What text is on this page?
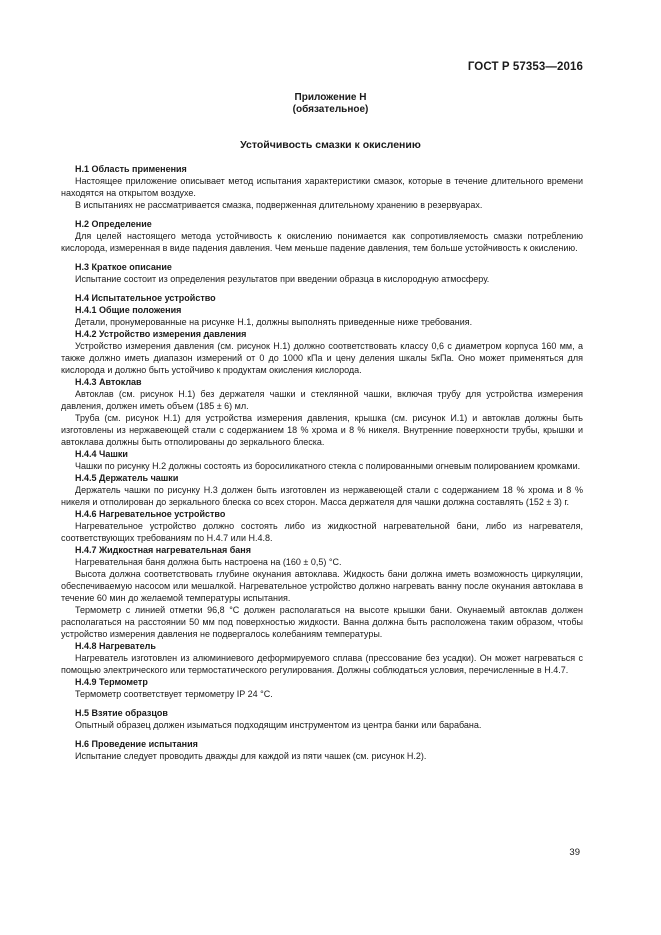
ГОСТ Р 57353—2016
Приложение Н
(обязательное)
Устойчивость смазки к окислению
Н.1 Область применения
Настоящее приложение описывает метод испытания характеристики смазок, которые в течение длительного времени находятся на открытом воздухе.
В испытаниях не рассматривается смазка, подверженная длительному хранению в резервуарах.
Н.2 Определение
Для целей настоящего метода устойчивость к окислению понимается как сопротивляемость смазки потреблению кислорода, измеренная в виде падения давления. Чем меньше падение давления, тем больше устойчивость к окислению.
Н.3 Краткое описание
Испытание состоит из определения результатов при введении образца в кислородную атмосферу.
Н.4 Испытательное устройство
Н.4.1 Общие положения
Детали, пронумерованные на рисунке Н.1, должны выполнять приведенные ниже требования.
Н.4.2 Устройство измерения давления
Устройство измерения давления (см. рисунок Н.1) должно соответствовать классу 0,6 с диаметром корпуса 160 мм, а также должно иметь диапазон измерений от 0 до 1000 кПа и цену деления шкалы 5кПа. Оно может применяться для кислорода и должно быть устойчиво к продуктам окисления кислорода.
Н.4.3 Автоклав
Автоклав (см. рисунок Н.1) без держателя чашки и стеклянной чашки, включая трубу для устройства измерения давления, должен иметь объем (185 ± 6) мл.
Труба (см. рисунок Н.1) для устройства измерения давления, крышка (см. рисунок И.1) и автоклав должны быть изготовлены из нержавеющей стали с содержанием 18 % хрома и 8 % никеля. Внутренние поверхности трубы, крышки и автоклава должны быть отполированы до зеркального блеска.
Н.4.4 Чашки
Чашки по рисунку Н.2 должны состоять из боросиликатного стекла с полированными огневым полированием кромками.
Н.4.5 Держатель чашки
Держатель чашки по рисунку Н.3 должен быть изготовлен из нержавеющей стали с содержанием 18 % хрома и 8 % никеля и отполирован до зеркального блеска со всех сторон. Масса держателя для чашки должна составлять (152 ± 3) г.
Н.4.6 Нагревательное устройство
Нагревательное устройство должно состоять либо из жидкостной нагревательной бани, либо из нагревателя, соответствующих требованиям по Н.4.7 или Н.4.8.
Н.4.7 Жидкостная нагревательная баня
Нагревательная баня должна быть настроена на (160 ± 0,5) °С.
Высота должна соответствовать глубине окунания автоклава. Жидкость бани должна иметь возможность циркуляции, обеспечиваемую насосом или мешалкой. Нагревательное устройство должно нагревать ванну после окунания автоклава в течение 60 мин до желаемой температуры испытания.
Термометр с линией отметки 96,8 °С должен располагаться на высоте крышки бани. Окунаемый автоклав должен располагаться на расстоянии 50 мм под поверхностью жидкости. Ванна должна быть расположена таким образом, чтобы устройство измерения давления не подвергалось колебаниям температуры.
Н.4.8 Нагреватель
Нагреватель изготовлен из алюминиевого деформируемого сплава (прессование без усадки). Он может нагреваться с помощью электрического или термостатического регулирования. Должны соблюдаться условия, перечисленные в Н.4.7.
Н.4.9 Термометр
Термометр соответствует термометру IP 24 °С.
Н.5 Взятие образцов
Опытный образец должен изыматься подходящим инструментом из центра банки или барабана.
Н.6 Проведение испытания
Испытание следует проводить дважды для каждой из пяти чашек (см. рисунок Н.2).
39
